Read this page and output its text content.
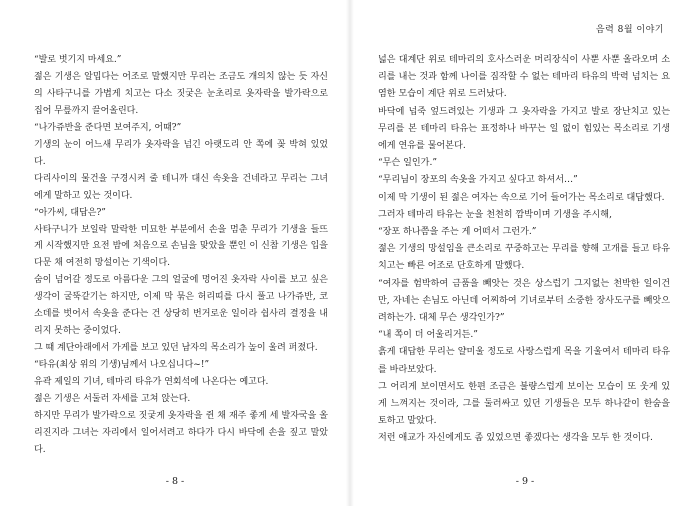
“발로 벗기지 마세요.”

젊은 기생은 알밉다는 어조로 말했지만 무리는 조금도 개의치 않는 듯 자신의 사타구니를 가볍게 치고는 다소 짓궂은 눈초리로 옷자락을 발가락으로 집어 무릎까지 끌어올린다.

“나가쥬반을 준다면 보여주지, 어때?”

기생의 눈이 어느새 무리가 옷자락을 넘긴 아랫도리 안 쪽에 꽂 박혀 있었다.

다리사이의 물건을 구경시켜 줄 테니까 대신 속옷을 건네라고 무리는 그녀에게 말하고 있는 것이다.

“아가씨, 대답은?”

사타구니가 보일락 말락한 미묘한 부분에서 손을 멈춘 무리가 기생을 들뜨게 시작했지만 요전 밤에 처음으로 손님을 맞았을 뿐인 이 신참 기생은 입을 다문 채 여전히 망설이는 기색이다.

숨이 넘어갈 정도로 아름다운 그의 얼굴에 멍어진 옷자락 사이를 보고 싶은 생각이 굴뚝같기는 하지만, 이제 막 묶은 허리띠를 다시 풀고 나가쥬반, 코소데를 벗어서 속옷을 준다는 건 상당히 번거로운 일이라 쉽사리 결정을 내리지 못하는 중이었다.

그 때 계단아래에서 가게를 보고 있던 남자의 목소리가 높이 울려 퍼졌다.

“타유(최상 위의 기생)님께서 나오십니다~!”

유곽 제일의 기녀, 테마리 타유가 연회석에 나온다는 예고다.

젊은 기생은 서둘러 자세를 고쳐 앉는다.

하지만 무리가 발가락으로 짓궂게 옷자락을 쥔 채 재주 좋게 세 발자국을 올리진지라 그녀는 자리에서 일어서려고 하다가 다시 바닥에 손을 짚고 말았다.

- 8 -
음력 8월 이야기

넓은 대계단 위로 테마리의 호사스러운 머리장식이 사뿐 사뿐 올라오며 소리를 내는 것과 함께 나이를 짐작할 수 없는 테마리 타유의 박력 넘치는 요염한 모습이 계단 위로 드러났다.

바닥에 넙죽 엎드려있는 기생과 그 옷자락을 가지고 발로 장난치고 있는 무리를 본 테마리 타유는 표정하나 바꾸는 일 없이 힘있는 목소리로 기생에게 연유를 물어본다.

“무슨 일인가.”

“무리님이 장포의 속옷을 가지고 싶다고 하셔서…”

이제 막 기생이 된 젊은 여자는 속으로 기어 들어가는 목소리로 대답했다.

그러자 테마리 타유는 눈을 천천히 깜박이며 기생을 주시해,

“장포 하나쯤을 주는 게 어떠서 그런가.”

젊은 기생의 망설임을 큰소리로 꾸중하고는 무리를 향해 고개를 들고 타유치고는 빠른 어조로 단호하게 말했다.

“여자를 험박하여 금품을 빼앗는 것은 상스럽기 그지없는 천박한 일이건만, 자네는 손님도 아닌데 어찌하여 기녀로부터 소중한 장사도구를 빼앗으려하는가. 대체 무슨 생각인가?”

“내 쪽이 더 어울리거든.”

흙게 대답한 무리는 얄미울 정도로 사랑스럽게 목을 기울여서 테마리 타유를 바라보았다.

그 어리게 보이면서도 한편 조금은 불량스럽게 보이는 모습이 또 웃게 있게 느껴지는 것이라, 그를 둘러싸고 있던 기생들은 모두 하나같이 한숨을 토하고 말았다.

저런 애교가 자신에게도 좀 있었으면 좋겠다는 생각을 모두 한 것이다.

- 9 -
